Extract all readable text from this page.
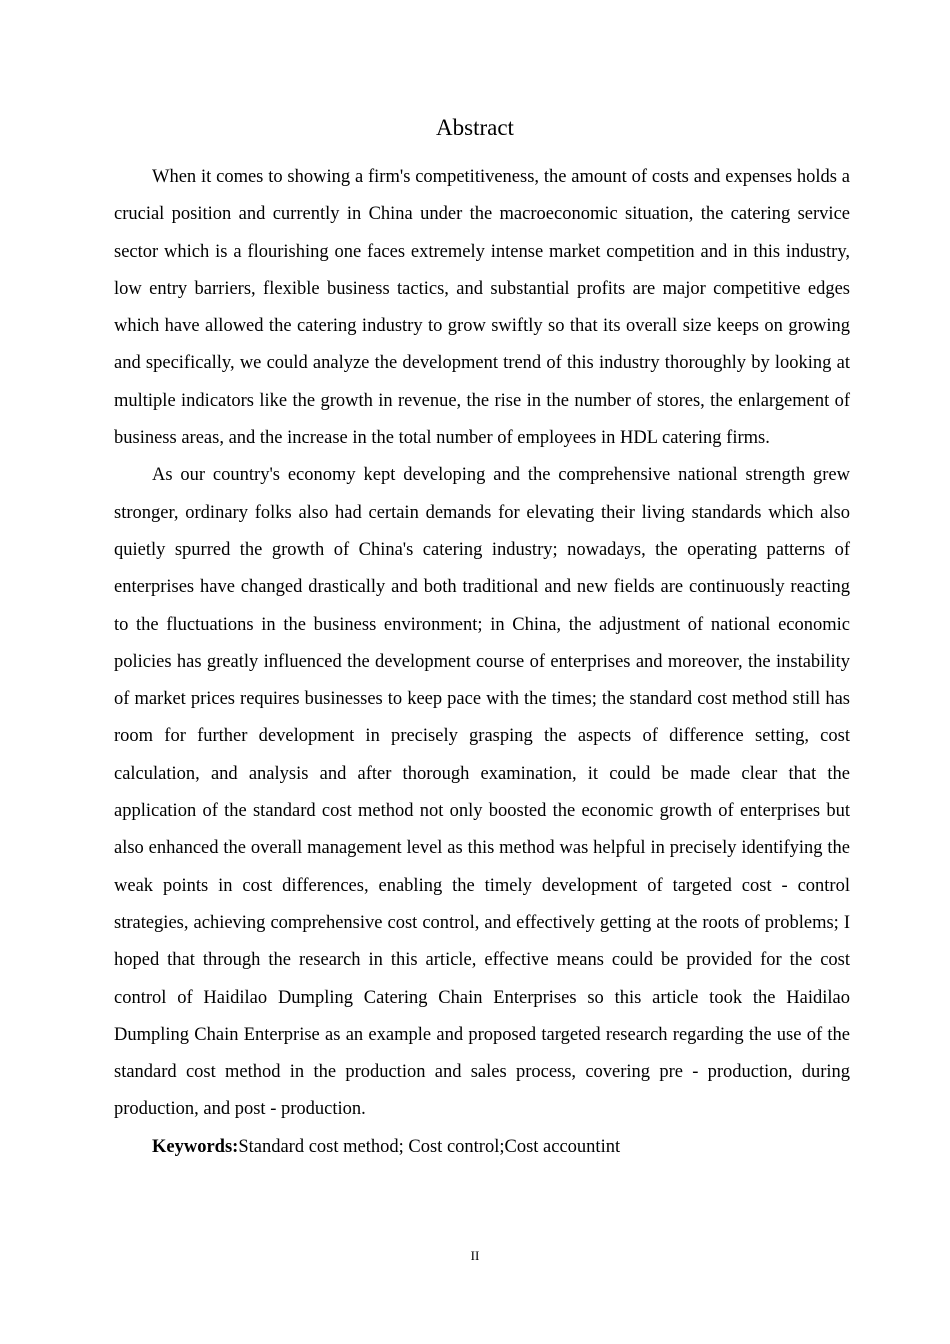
Abstract

When it comes to showing a firm's competitiveness, the amount of costs and expenses holds a crucial position and currently in China under the macroeconomic situation, the catering service sector which is a flourishing one faces extremely intense market competition and in this industry, low entry barriers, flexible business tactics, and substantial profits are major competitive edges which have allowed the catering industry to grow swiftly so that its overall size keeps on growing and specifically, we could analyze the development trend of this industry thoroughly by looking at multiple indicators like the growth in revenue, the rise in the number of stores, the enlargement of business areas, and the increase in the total number of employees in HDL catering firms.

As our country's economy kept developing and the comprehensive national strength grew stronger, ordinary folks also had certain demands for elevating their living standards which also quietly spurred the growth of China's catering industry; nowadays, the operating patterns of enterprises have changed drastically and both traditional and new fields are continuously reacting to the fluctuations in the business environment; in China, the adjustment of national economic policies has greatly influenced the development course of enterprises and moreover, the instability of market prices requires businesses to keep pace with the times; the standard cost method still has room for further development in precisely grasping the aspects of difference setting, cost calculation, and analysis and after thorough examination, it could be made clear that the application of the standard cost method not only boosted the economic growth of enterprises but also enhanced the overall management level as this method was helpful in precisely identifying the weak points in cost differences, enabling the timely development of targeted cost - control strategies, achieving comprehensive cost control, and effectively getting at the roots of problems; I hoped that through the research in this article, effective means could be provided for the cost control of Haidilao Dumpling Catering Chain Enterprises so this article took the Haidilao Dumpling Chain Enterprise as an example and proposed targeted research regarding the use of the standard cost method in the production and sales process, covering pre - production, during production, and post - production.

Keywords:Standard cost method; Cost control;Cost accountint

II
